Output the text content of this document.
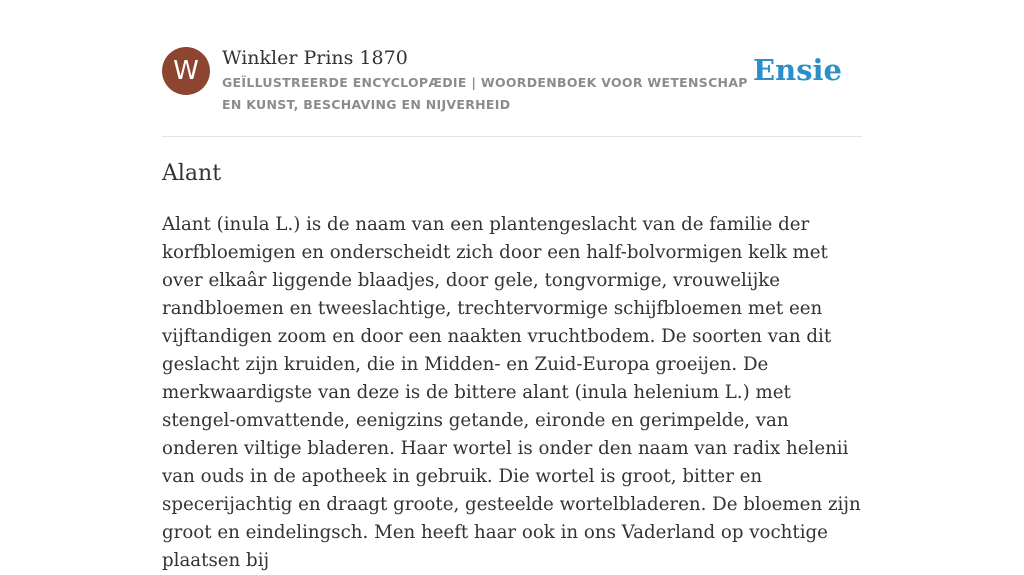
W	Winkler Prins 1870
GEÏLLUSTREERDE ENCYCLOPÆDIE | WOORDENBOEK VOOR WETENSCHAP EN KUNST, BESCHAVING EN NIJVERHEID
Ensie
Alant

Alant (inula L.) is de naam van een plantengeslacht van de familie der korfbloemigen en onderscheidt zich door een half-bolvormigen kelk met over elkaâr liggende blaadjes, door gele, tongvormige, vrouwelijke randbloemen en tweeslachtige, trechtervormige schijfbloemen met een vijftandigen zoom en door een naakten vruchtbodem. De soorten van dit geslacht zijn kruiden, die in Midden- en Zuid-Europa groeijen. De merkwaardigste van deze is de bittere alant (inula helenium L.) met stengel-omvattende, eenigzins getande, eironde en gerimpelde, van onderen viltige bladeren. Haar wortel is onder den naam van radix helenii van ouds in de apotheek in gebruik. Die wortel is groot, bitter en specerijachtig en draagt groote, gesteelde wortelbladeren. De bloemen zijn groot en eindelingsch. Men heeft haar ook in ons Vaderland op vochtige plaatsen bij
